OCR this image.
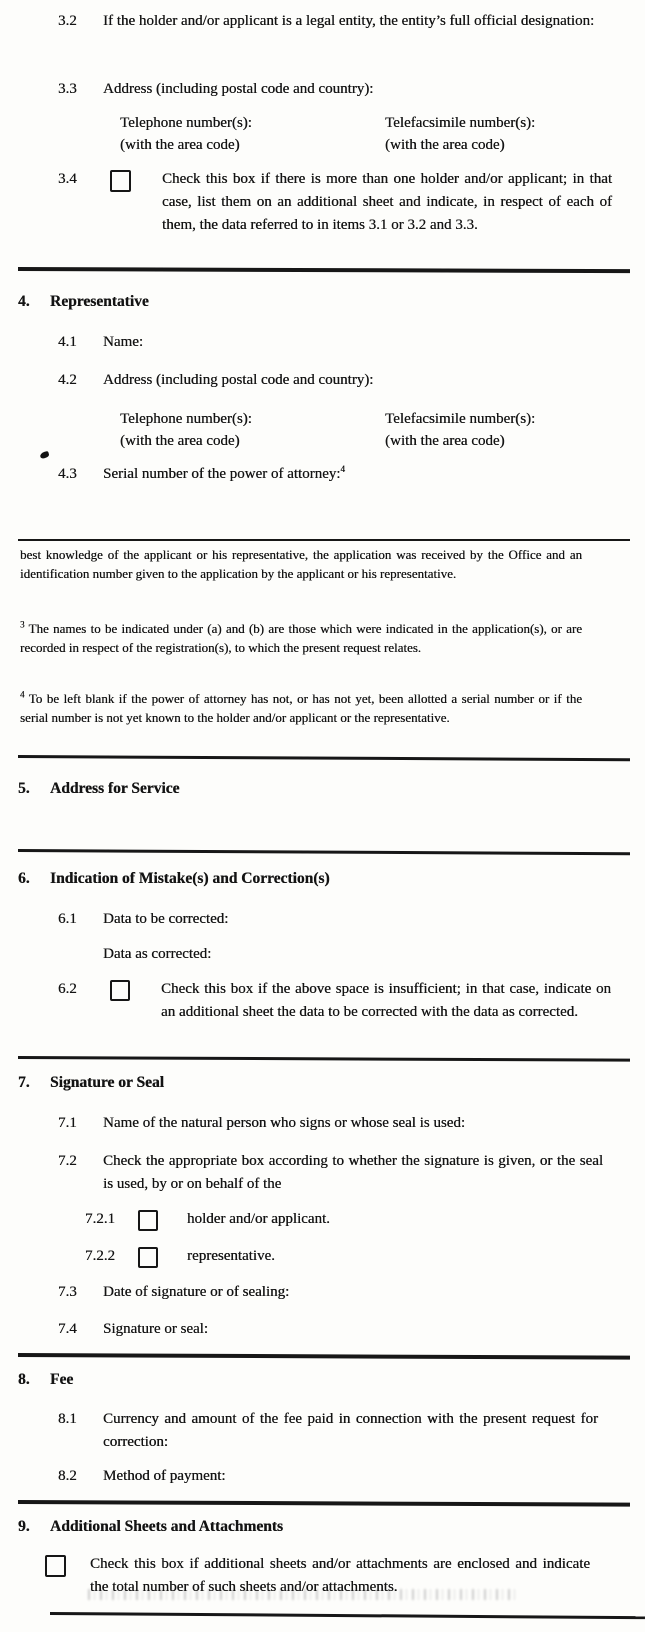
3.2	If the holder and/or applicant is a legal entity, the entity’s full official designation:
3.3	Address (including postal code and country):
Telephone number(s):
(with the area code)
Telefacsimile number(s):
(with the area code)
3.4	Check this box if there is more than one holder and/or applicant; in that case, list them on an additional sheet and indicate, in respect of each of them, the data referred to in items 3.1 or 3.2 and 3.3.
4.	Representative
4.1	Name:
4.2	Address (including postal code and country):
Telephone number(s):
(with the area code)
Telefacsimile number(s):
(with the area code)
4.3	Serial number of the power of attorney:$^4$
best knowledge of the applicant or his representative, the application was received by the Office and an identification number given to the application by the applicant or his representative.
$^3$ The names to be indicated under (a) and (b) are those which were indicated in the application(s), or are recorded in respect of the registration(s), to which the present request relates.
$^4$ To be left blank if the power of attorney has not, or has not yet, been allotted a serial number or if the serial number is not yet known to the holder and/or applicant or the representative.
5.	Address for Service
6.	Indication of Mistake(s) and Correction(s)
6.1	Data to be corrected:
Data as corrected:
6.2	Check this box if the above space is insufficient; in that case, indicate on an additional sheet the data to be corrected with the data as corrected.
7.	Signature or Seal
7.1	Name of the natural person who signs or whose seal is used:
7.2	Check the appropriate box according to whether the signature is given, or the seal is used, by or on behalf of the
7.2.1	holder and/or applicant.
7.2.2	representative.
7.3	Date of signature or of sealing:
7.4	Signature or seal:
8.	Fee
8.1	Currency and amount of the fee paid in connection with the present request for correction:
8.2	Method of payment:
9.	Additional Sheets and Attachments
Check this box if additional sheets and/or attachments are enclosed and indicate the total number of such sheets and/or attachments.
